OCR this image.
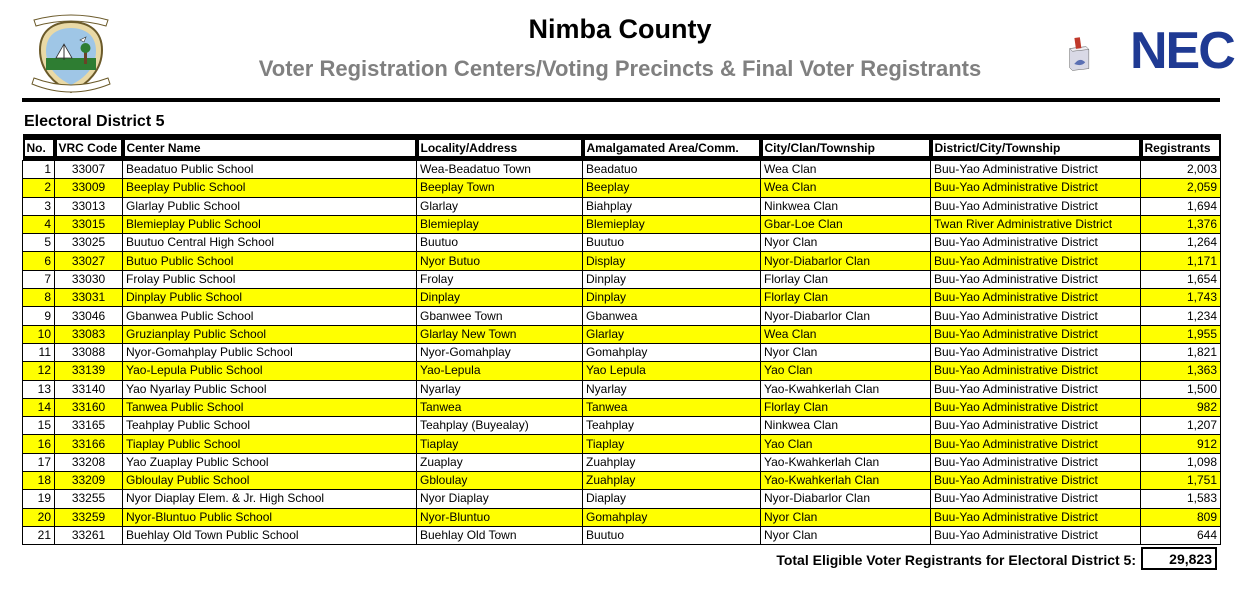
Nimba County
Voter Registration Centers/Voting Precincts & Final Voter Registrants	NEC
Electoral District 5
No.	VRC Code	Center Name	Locality/Address	Amalgamated Area/Comm.	City/Clan/Township	District/City/Township	Registrants

1	33007	Beadatuo Public School	Wea-Beadatuo Town	Beadatuo	Wea Clan	Buu-Yao Administrative District	2,003
2	33009	Beeplay Public School	Beeplay Town	Beeplay	Wea Clan	Buu-Yao Administrative District	2,059
3	33013	Glarlay Public School	Glarlay	Biahplay	Ninkwea Clan	Buu-Yao Administrative District	1,694
4	33015	Blemieplay Public School	Blemieplay	Blemieplay	Gbar-Loe Clan	Twan River Administrative District	1,376
5	33025	Buutuo Central High School	Buutuo	Buutuo	Nyor Clan	Buu-Yao Administrative District	1,264
6	33027	Butuo Public School	Nyor Butuo	Display	Nyor-Diabarlor Clan	Buu-Yao Administrative District	1,171
7	33030	Frolay Public School	Frolay	Dinplay	Florlay Clan	Buu-Yao Administrative District	1,654
8	33031	Dinplay Public School	Dinplay	Dinplay	Florlay Clan	Buu-Yao Administrative District	1,743
9	33046	Gbanwea Public School	Gbanwee Town	Gbanwea	Nyor-Diabarlor Clan	Buu-Yao Administrative District	1,234
10	33083	Gruzianplay Public School	Glarlay New Town	Glarlay	Wea Clan	Buu-Yao Administrative District	1,955
11	33088	Nyor-Gomahplay Public School	Nyor-Gomahplay	Gomahplay	Nyor Clan	Buu-Yao Administrative District	1,821
12	33139	Yao-Lepula Public School	Yao-Lepula	Yao Lepula	Yao Clan	Buu-Yao Administrative District	1,363
13	33140	Yao Nyarlay Public School	Nyarlay	Nyarlay	Yao-Kwahkerlah Clan	Buu-Yao Administrative District	1,500
14	33160	Tanwea Public School	Tanwea	Tanwea	Florlay Clan	Buu-Yao Administrative District	982
15	33165	Teahplay Public School	Teahplay (Buyealay)	Teahplay	Ninkwea Clan	Buu-Yao Administrative District	1,207
16	33166	Tiaplay Public School	Tiaplay	Tiaplay	Yao Clan	Buu-Yao Administrative District	912
17	33208	Yao Zuaplay Public School	Zuaplay	Zuahplay	Yao-Kwahkerlah Clan	Buu-Yao Administrative District	1,098
18	33209	Gbloulay Public School	Gbloulay	Zuahplay	Yao-Kwahkerlah Clan	Buu-Yao Administrative District	1,751
19	33255	Nyor Diaplay Elem. & Jr. High School	Nyor Diaplay	Diaplay	Nyor-Diabarlor Clan	Buu-Yao Administrative District	1,583
20	33259	Nyor-Bluntuo Public School	Nyor-Bluntuo	Gomahplay	Nyor Clan	Buu-Yao Administrative District	809
21	33261	Buehlay Old Town Public School	Buehlay Old Town	Buutuo	Nyor Clan	Buu-Yao Administrative District	644
Total Eligible Voter Registrants for Electoral District 5:	29,823
